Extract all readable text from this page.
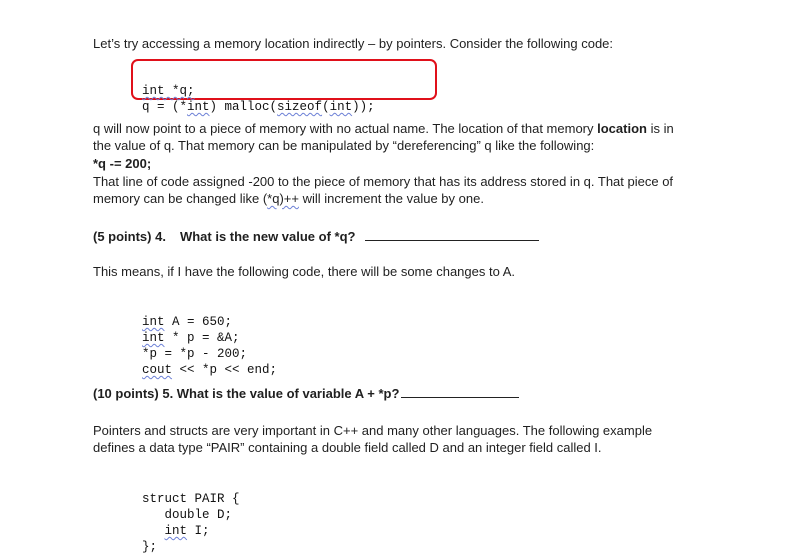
Let’s try accessing a memory location indirectly – by pointers. Consider the following code:

int *q;
q = (*int) malloc(sizeof(int));
q will now point to a piece of memory with no actual name. The location of that memory location is in
the value of q. That memory can be manipulated by “dereferencing” q like the following:
*q -= 200;
That line of code assigned -200 to the piece of memory that has its address stored in q. That piece of
memory can be changed like (*q)++ will increment the value by one.
(5 points) 4. What is the new value of *q?
This means, if I have the following code, there will be some changes to A.

int A = 650;
int * p = &A;
*p = *p - 200;
cout << *p << end;
(10 points) 5. What is the value of variable A + *p?
Pointers and structs are very important in C++ and many other languages. The following example
defines a data type “PAIR” containing a double field called D and an integer field called I.

struct PAIR {
double D;
int I;
};
